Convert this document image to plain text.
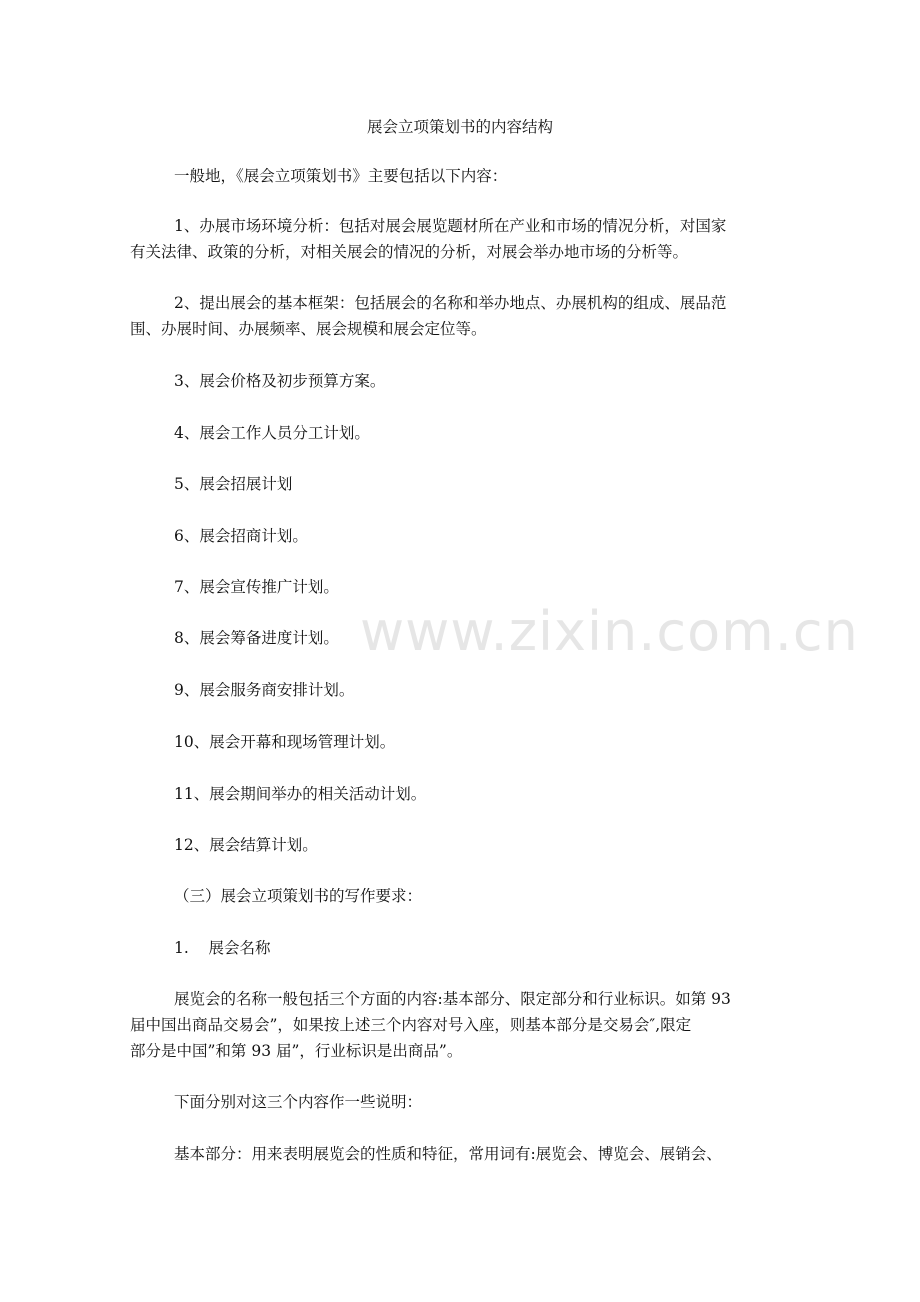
www.zixin.com.cn

展会立项策划书的内容结构

一般地，《展会立项策划书》主要包括以下内容：

1、办展市场环境分析：包括对展会展览题材所在产业和市场的情况分析，对国家

有关法律、政策的分析，对相关展会的情况的分析，对展会举办地市场的分析等。

2、提出展会的基本框架：包括展会的名称和举办地点、办展机构的组成、展品范

围、办展时间、办展频率、展会规模和展会定位等。

3、展会价格及初步预算方案。

4、展会工作人员分工计划。

5、展会招展计划

6、展会招商计划。

7、展会宣传推广计划。

8、展会筹备进度计划。

9、展会服务商安排计划。

10、展会开幕和现场管理计划。

11、展会期间举办的相关活动计划。

12、展会结算计划。

（三）展会立项策划书的写作要求：

1.    展会名称

展览会的名称一般包括三个方面的内容:基本部分、限定部分和行业标识。如第 93

届中国出商品交易会”，如果按上述三个内容对号入座，则基本部分是交易会″,限定

部分是中国”和第 93 届”，行业标识是出商品”。

下面分别对这三个内容作一些说明：

基本部分：用来表明展览会的性质和特征，常用词有:展览会、博览会、展销会、
